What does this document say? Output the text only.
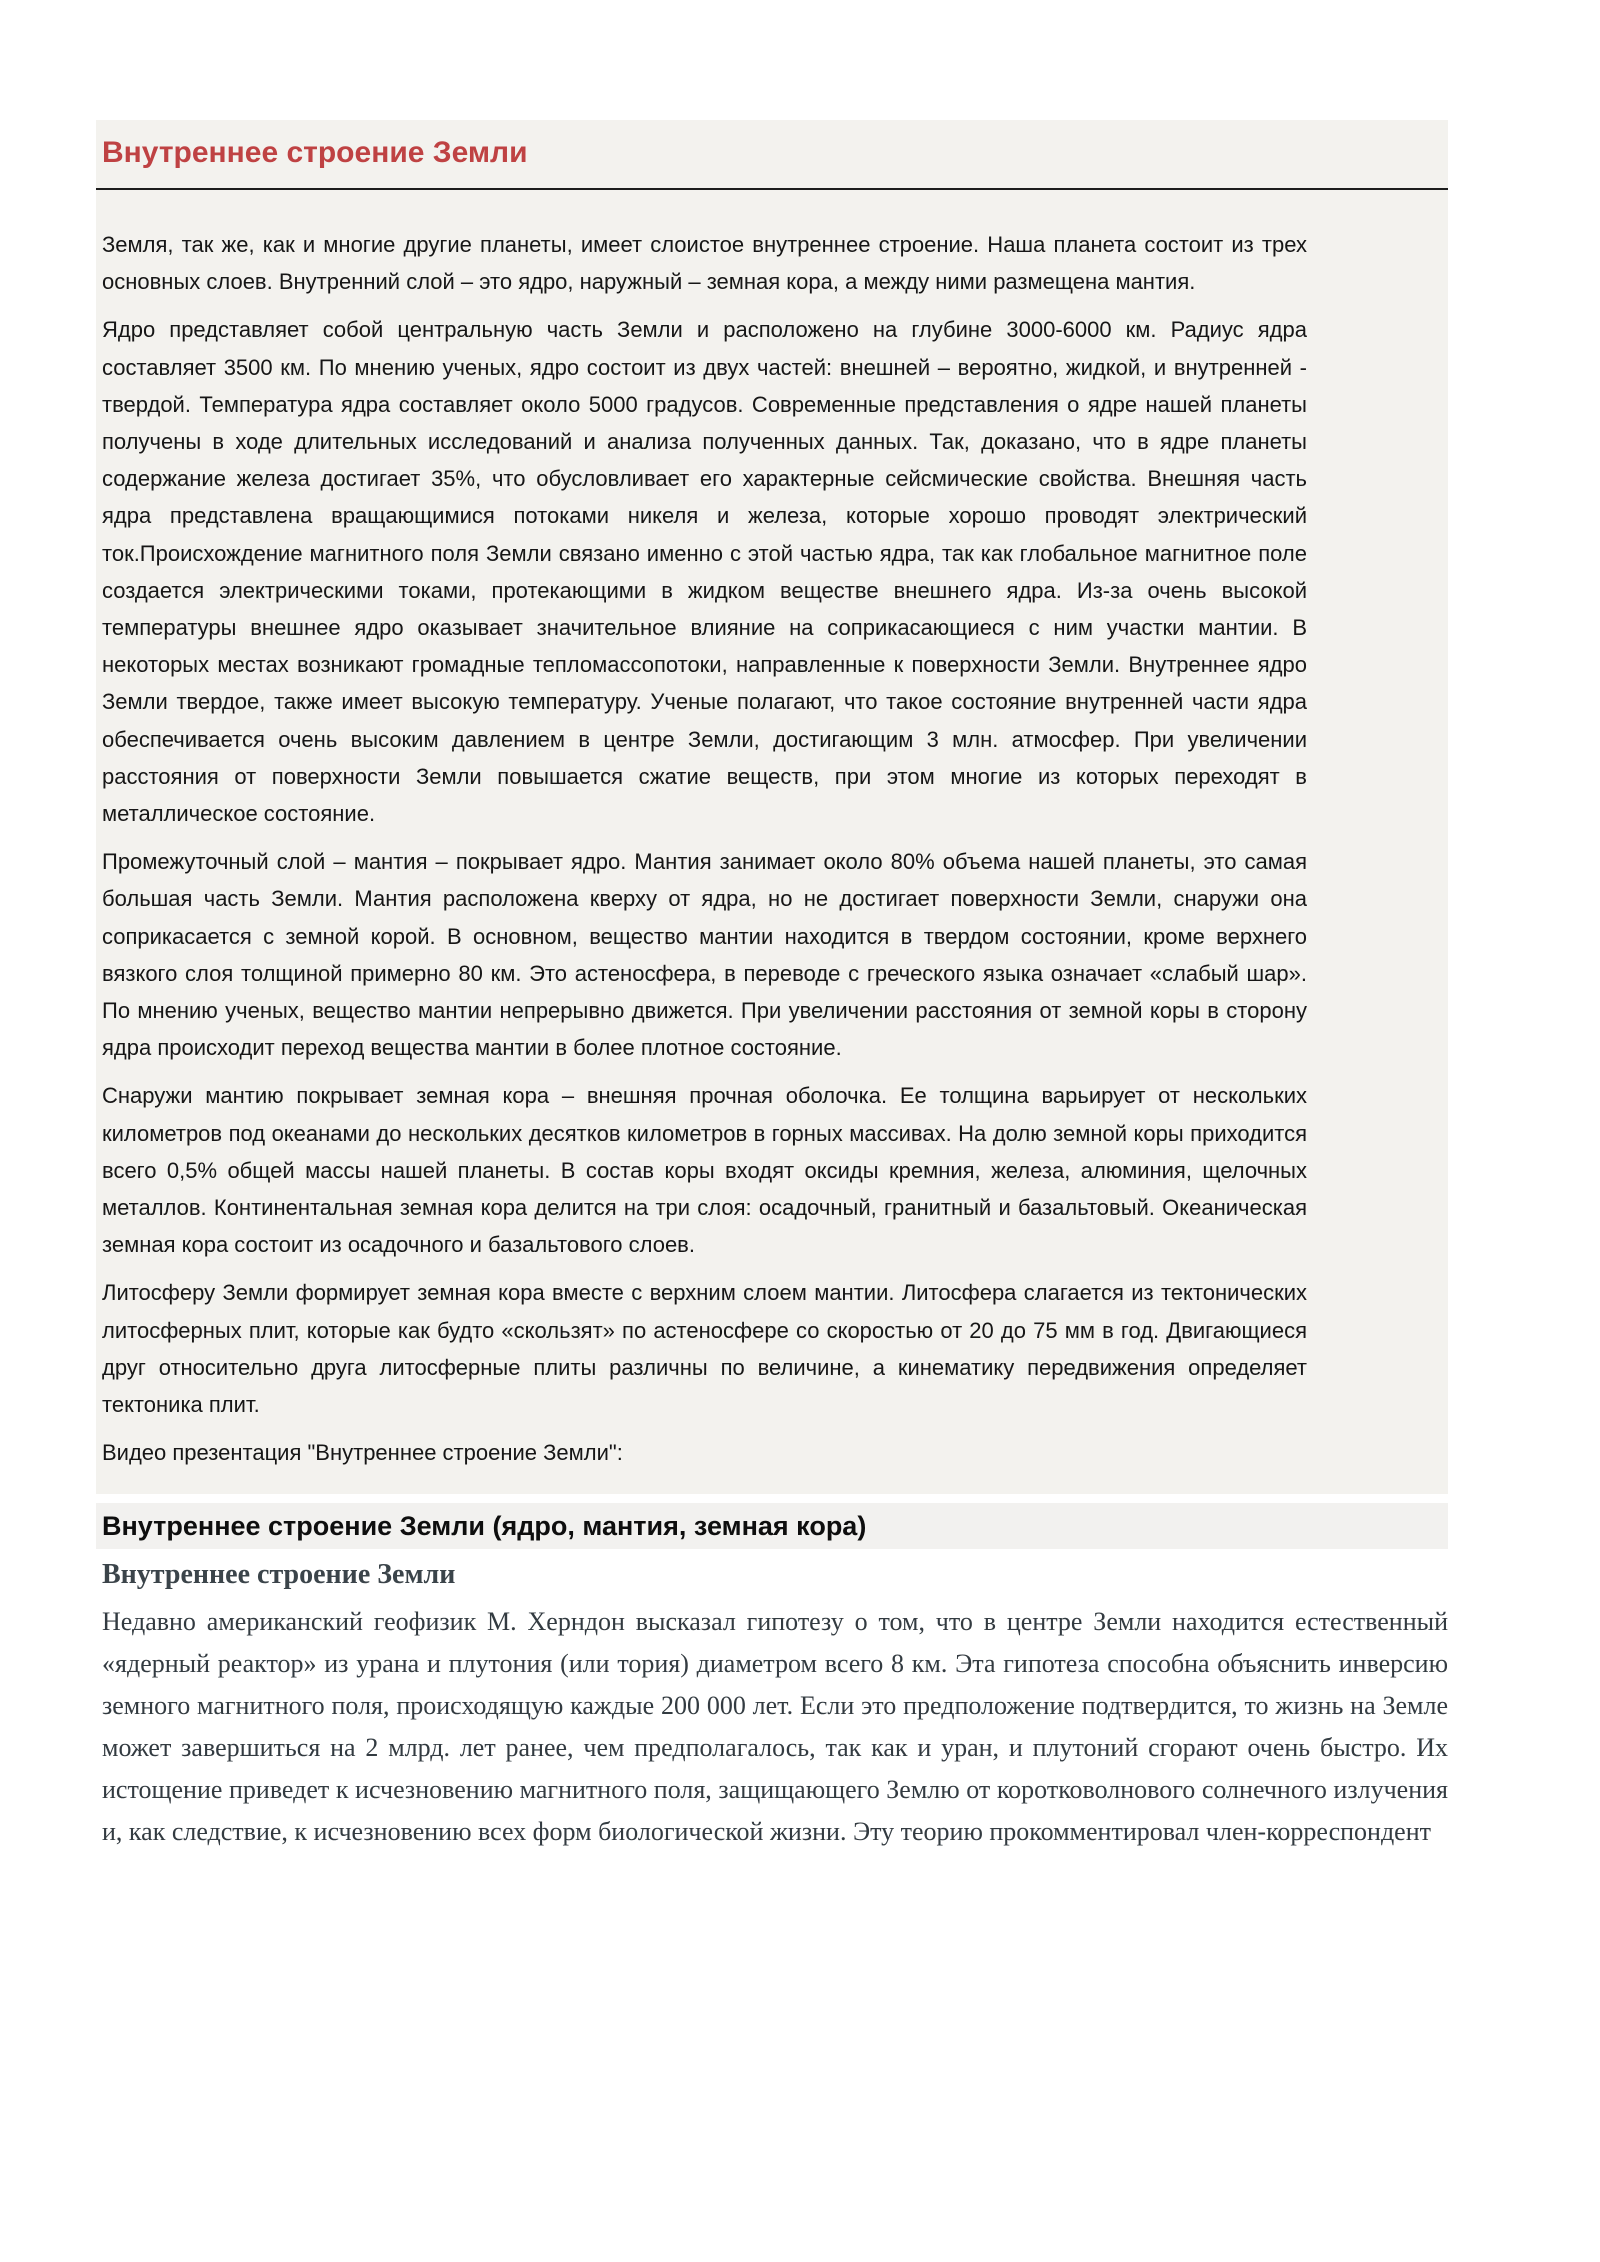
Внутреннее строение Земли

Земля, так же, как и многие другие планеты, имеет слоистое внутреннее строение. Наша планета состоит из трех основных слоев. Внутренний слой – это ядро, наружный – земная кора, а между ними размещена мантия.

Ядро представляет собой центральную часть Земли и расположено на глубине 3000-6000 км. Радиус ядра составляет 3500 км. По мнению ученых, ядро состоит из двух частей: внешней – вероятно, жидкой, и внутренней - твердой. Температура ядра составляет около 5000 градусов. Современные представления о ядре нашей планеты получены в ходе длительных исследований и анализа полученных данных. Так, доказано, что в ядре планеты содержание железа достигает 35%, что обусловливает его характерные сейсмические свойства. Внешняя часть ядра представлена вращающимися потоками никеля и железа, которые хорошо проводят электрический ток.Происхождение магнитного поля Земли связано именно с этой частью ядра, так как глобальное магнитное поле создается электрическими токами, протекающими в жидком веществе внешнего ядра. Из-за очень высокой температуры внешнее ядро оказывает значительное влияние на соприкасающиеся с ним участки мантии. В некоторых местах возникают громадные тепломассопотоки, направленные к поверхности Земли. Внутреннее ядро Земли твердое, также имеет высокую температуру. Ученые полагают, что такое состояние внутренней части ядра обеспечивается очень высоким давлением в центре Земли, достигающим 3 млн. атмосфер. При увеличении расстояния от поверхности Земли повышается сжатие веществ, при этом многие из которых переходят в металлическое состояние.

Промежуточный слой – мантия – покрывает ядро. Мантия занимает около 80% объема нашей планеты, это самая большая часть Земли. Мантия расположена кверху от ядра, но не достигает поверхности Земли, снаружи она соприкасается с земной корой. В основном, вещество мантии находится в твердом состоянии, кроме верхнего вязкого слоя толщиной примерно 80 км. Это астеносфера, в переводе с греческого языка означает «слабый шар». По мнению ученых, вещество мантии непрерывно движется. При увеличении расстояния от земной коры в сторону ядра происходит переход вещества мантии в более плотное состояние.

Снаружи мантию покрывает земная кора – внешняя прочная оболочка. Ее толщина варьирует от нескольких километров под океанами до нескольких десятков километров в горных массивах. На долю земной коры приходится всего 0,5% общей массы нашей планеты. В состав коры входят оксиды кремния, железа, алюминия, щелочных металлов. Континентальная земная кора делится на три слоя: осадочный, гранитный и базальтовый. Океаническая земная кора состоит из осадочного и базальтового слоев.

Литосферу Земли формирует земная кора вместе с верхним слоем мантии. Литосфера слагается из тектонических литосферных плит, которые как будто «скользят» по астеносфере со скоростью от 20 до 75 мм в год. Двигающиеся друг относительно друга литосферные плиты различны по величине, а кинематику передвижения определяет тектоника плит.

Видео презентация "Внутреннее строение Земли":

Внутреннее строение Земли (ядро, мантия, земная кора)
Внутреннее строение Земли

Недавно американский геофизик М. Херндон высказал гипотезу о том, что в центре Земли находится естественный «ядерный реактор» из урана и плутония (или тория) диаметром всего 8 км. Эта гипотеза способна объяснить инверсию земного магнитного поля, происходящую каждые 200 000 лет. Если это предположение подтвердится, то жизнь на Земле может завершиться на 2 млрд. лет ранее, чем предполагалось, так как и уран, и плутоний сгорают очень быстро. Их истощение приведет к исчезновению магнитного поля, защищающего Землю от коротковолнового солнечного излучения и, как следствие, к исчезновению всех форм биологической жизни. Эту теорию прокомментировал член-корреспондент
